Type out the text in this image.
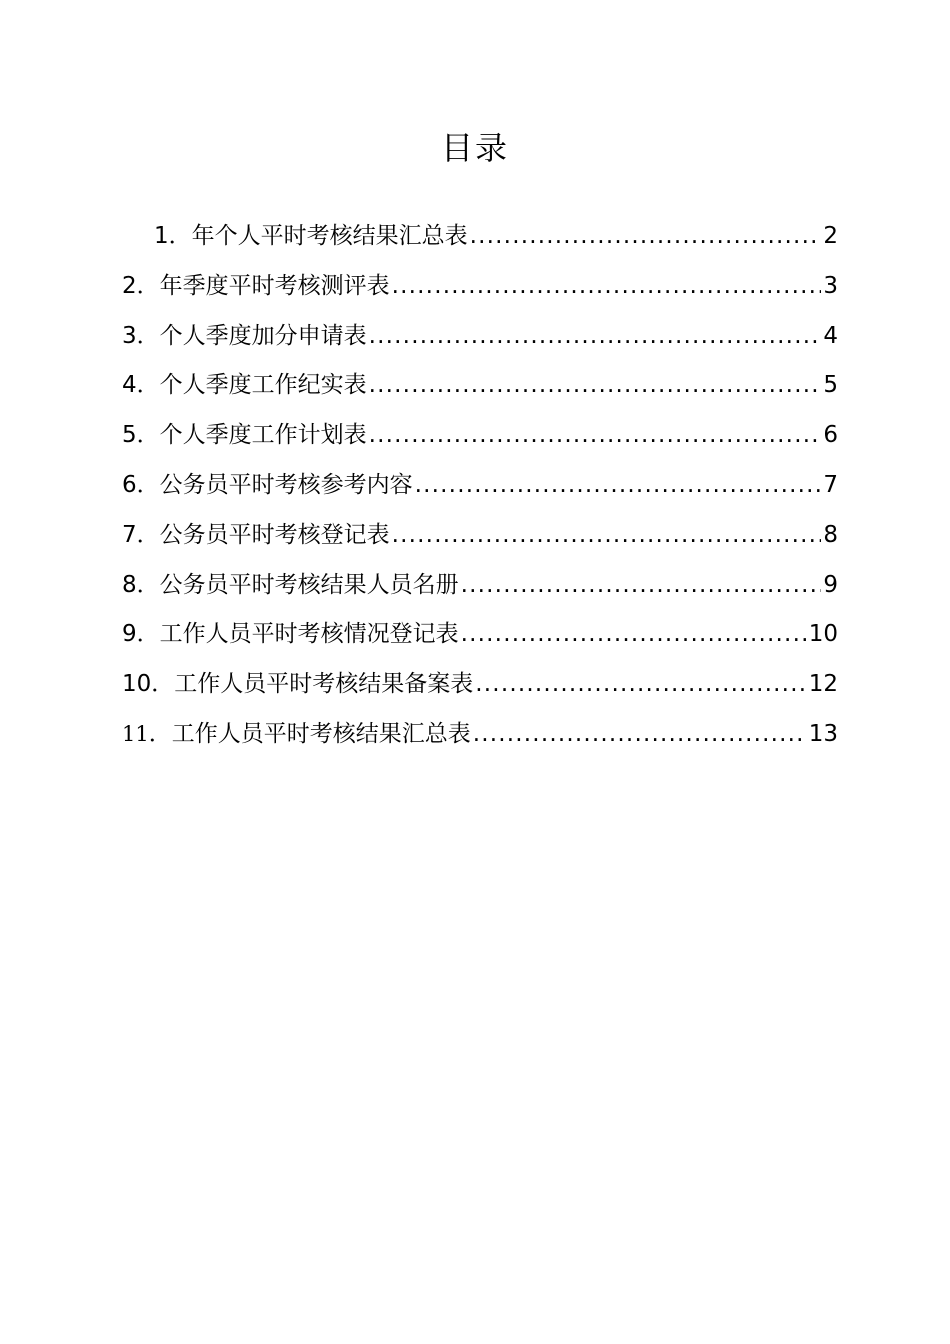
目录
1．年个人平时考核结果汇总表 .....	2
2．年季度平时考核测评表 .....	3
3．个人季度加分申请表 .....	4
4．个人季度工作纪实表 .....	5
5．个人季度工作计划表 .....	6
6．公务员平时考核参考内容 .....	7
7．公务员平时考核登记表 .....	8
8．公务员平时考核结果人员名册 .....	9
9．工作人员平时考核情况登记表 .....	10
10．工作人员平时考核结果备案表 .....	12
11．工作人员平时考核结果汇总表 .....	13
